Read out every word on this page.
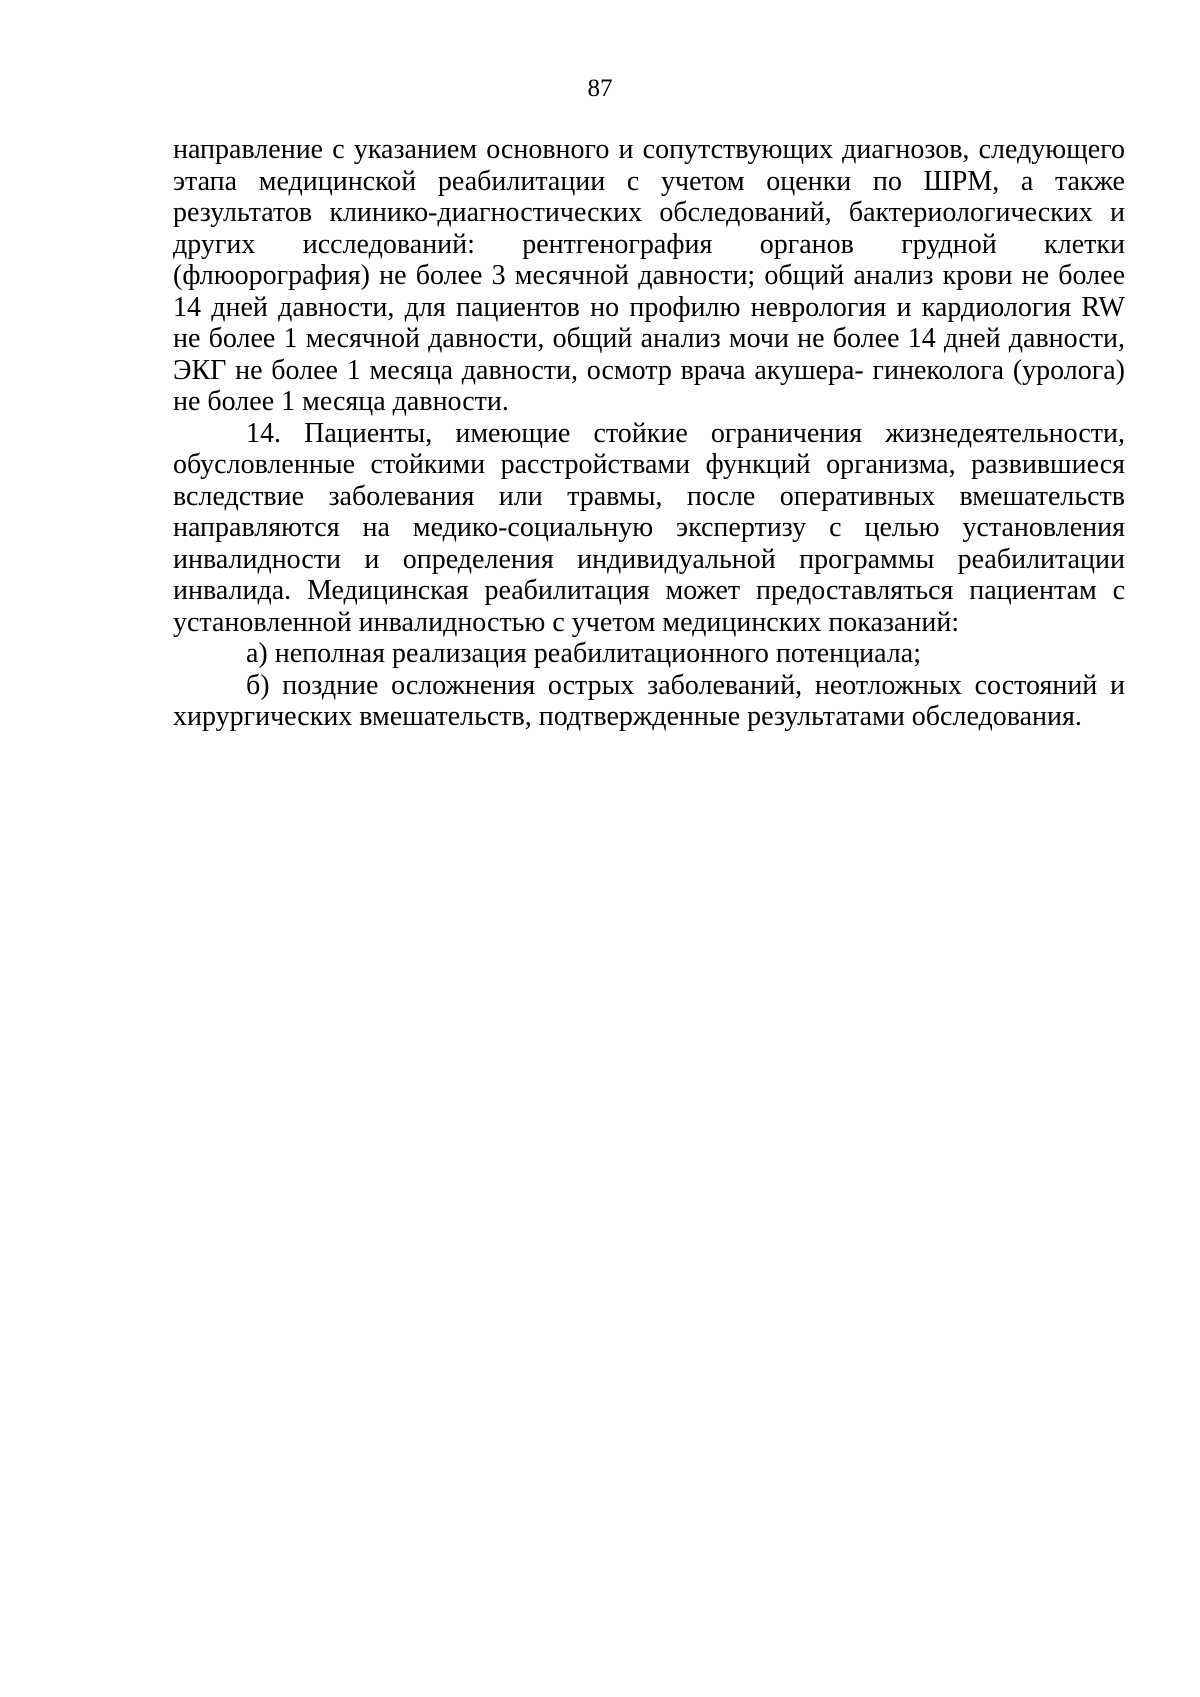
87

направление с указанием основного и сопутствующих диагнозов, следующего этапа медицинской реабилитации с учетом оценки по ШРМ, а также результатов клинико-диагностических обследований, бактериологических и других исследований: рентгенография органов грудной клетки (флюорография) не более 3 месячной давности; общий анализ крови не более 14 дней давности, для пациентов но профилю неврология и кардиология RW не более 1 месячной давности, общий анализ мочи не более 14 дней давности, ЭКГ не более 1 месяца давности, осмотр врача акушера- гинеколога (уролога) не более 1 месяца давности.

14. Пациенты, имеющие стойкие ограничения жизнедеятельности, обусловленные стойкими расстройствами функций организма, развившиеся вследствие заболевания или травмы, после оперативных вмешательств направляются на медико-социальную экспертизу с целью установления инвалидности и определения индивидуальной программы реабилитации инвалида. Медицинская реабилитация может предоставляться пациентам с установленной инвалидностью с учетом медицинских показаний:

а) неполная реализация реабилитационного потенциала;

б) поздние осложнения острых заболеваний, неотложных состояний и хирургических вмешательств, подтвержденные результатами обследования.
